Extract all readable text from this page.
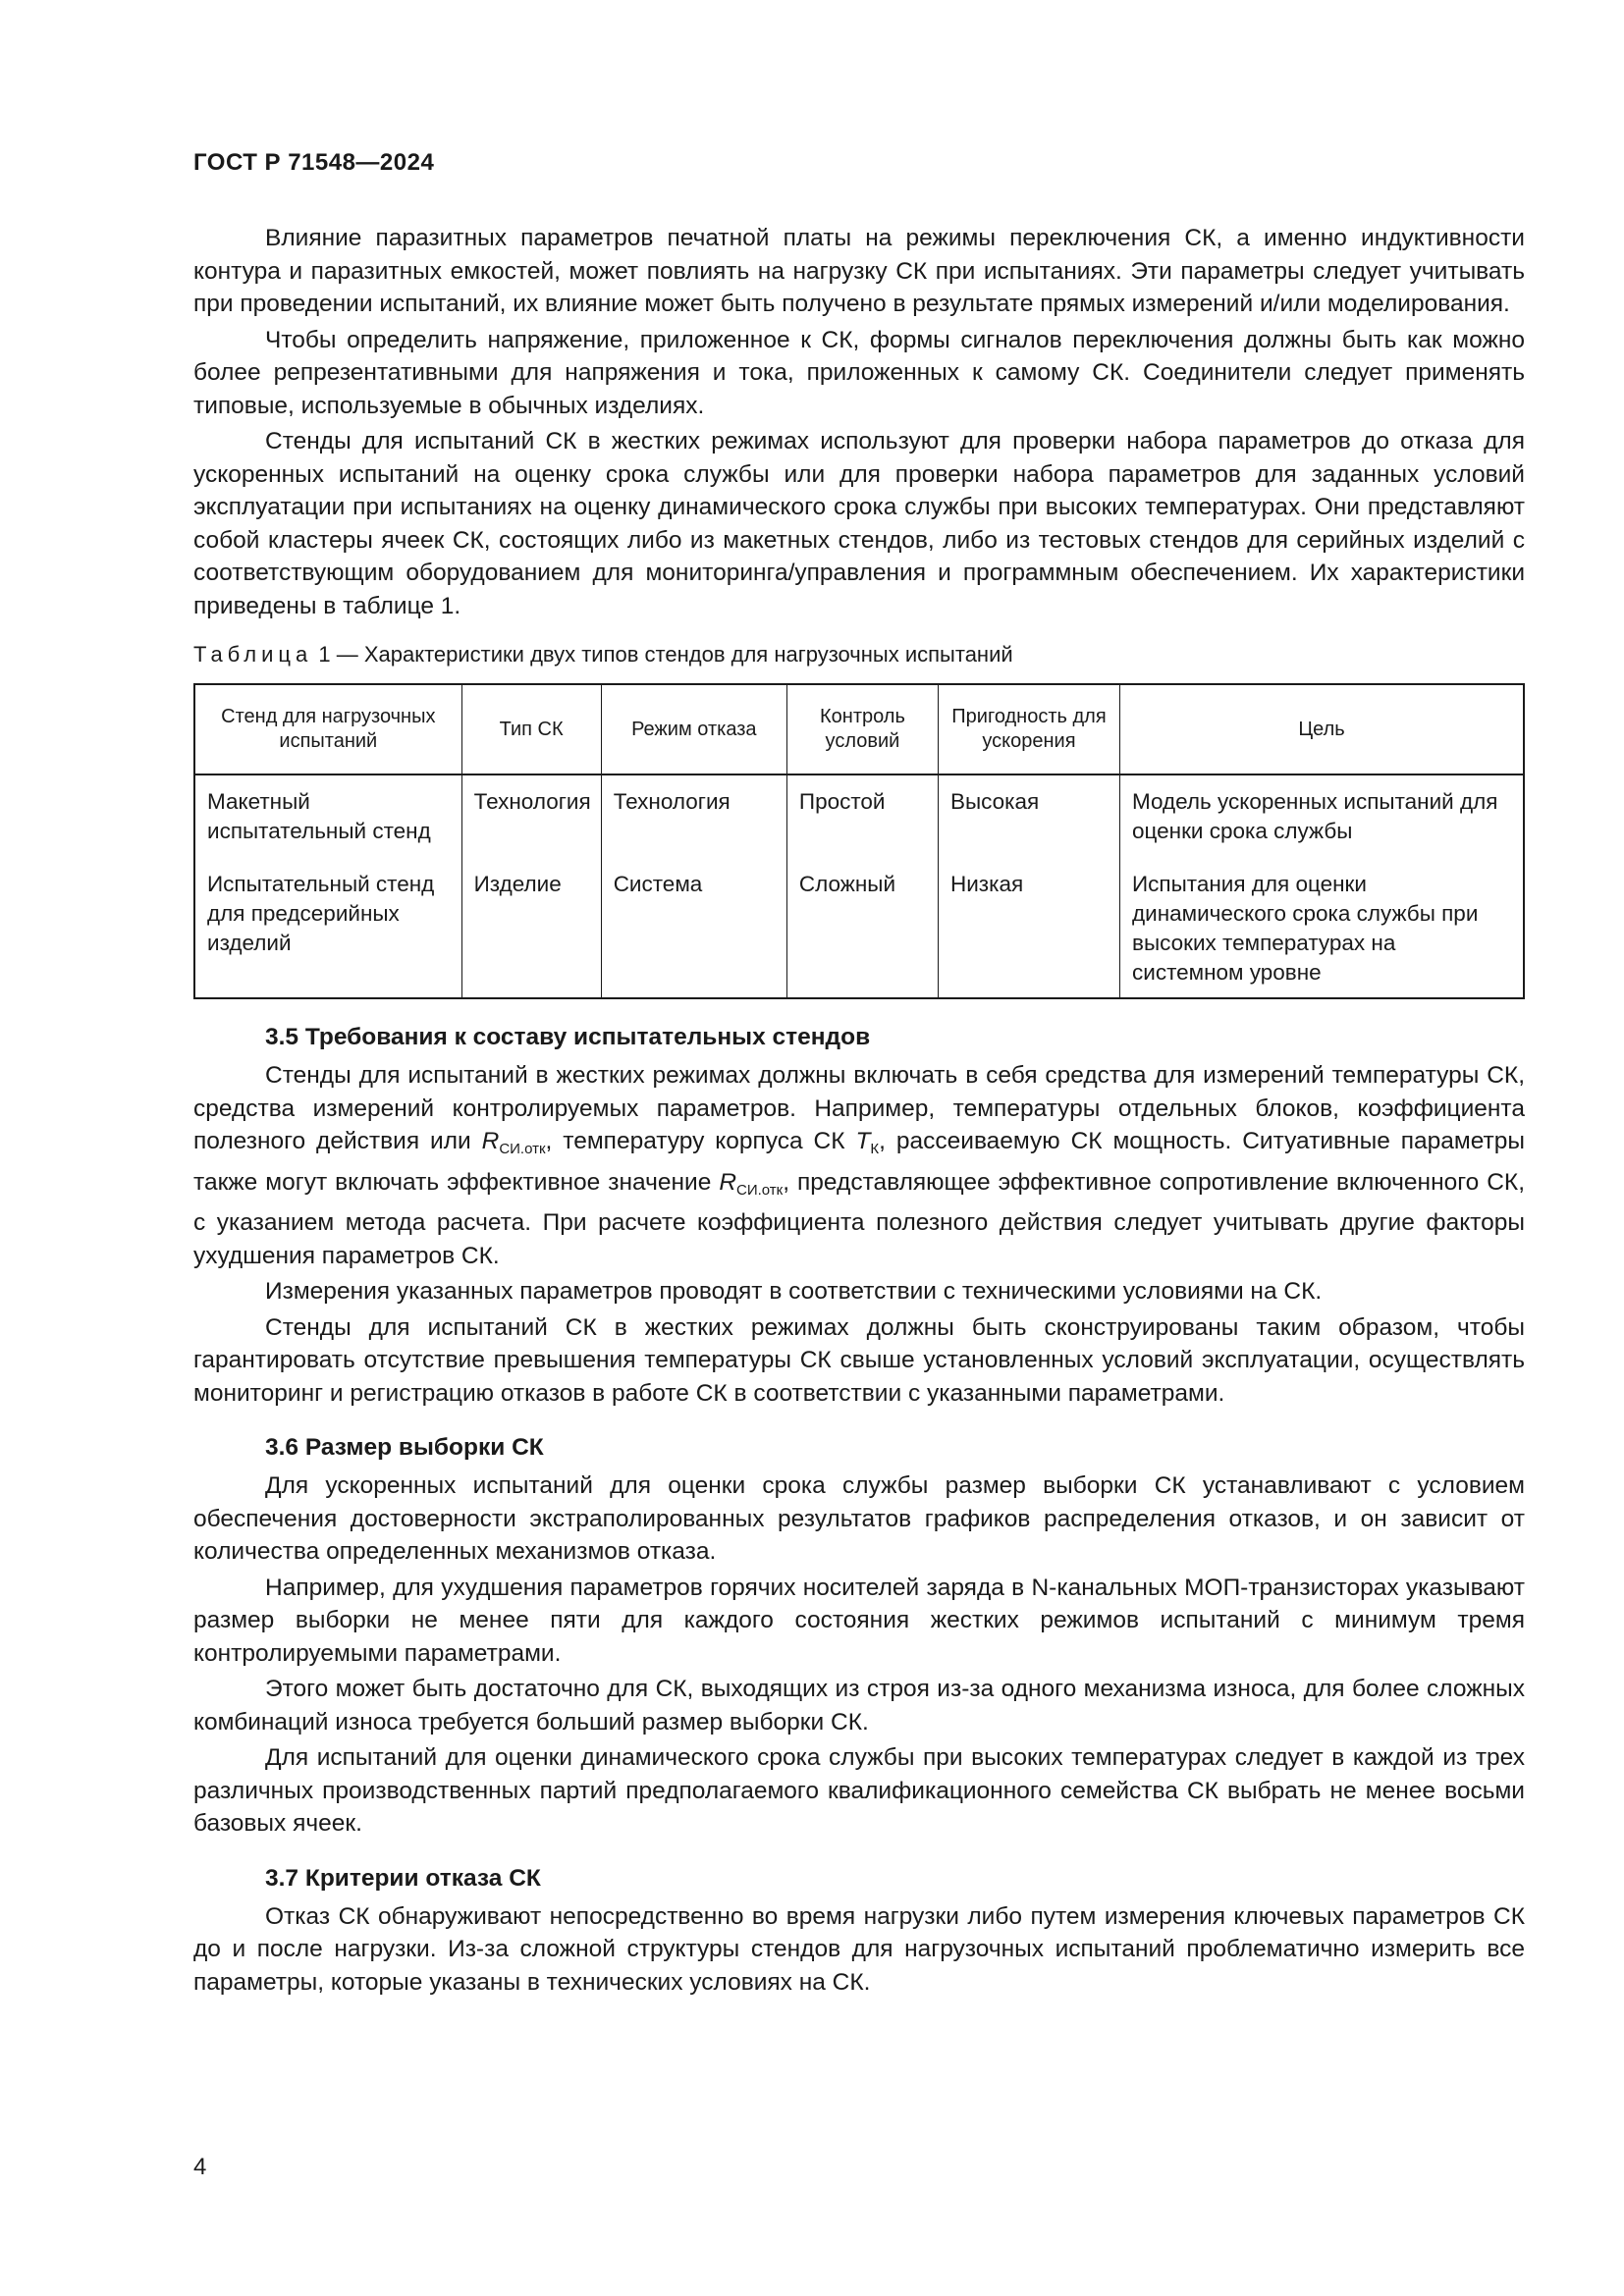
ГОСТ Р 71548—2024

Влияние паразитных параметров печатной платы на режимы переключения СК, а именно индуктивности контура и паразитных емкостей, может повлиять на нагрузку СК при испытаниях. Эти параметры следует учитывать при проведении испытаний, их влияние может быть получено в результате прямых измерений и/или моделирования.

Чтобы определить напряжение, приложенное к СК, формы сигналов переключения должны быть как можно более репрезентативными для напряжения и тока, приложенных к самому СК. Соединители следует применять типовые, используемые в обычных изделиях.

Стенды для испытаний СК в жестких режимах используют для проверки набора параметров до отказа для ускоренных испытаний на оценку срока службы или для проверки набора параметров для заданных условий эксплуатации при испытаниях на оценку динамического срока службы при высоких температурах. Они представляют собой кластеры ячеек СК, состоящих либо из макетных стендов, либо из тестовых стендов для серийных изделий с соответствующим оборудованием для мониторинга/управления и программным обеспечением. Их характеристики приведены в таблице 1.

Таблица 1 — Характеристики двух типов стендов для нагрузочных испытаний
Стенд для нагрузочных испытаний	Тип СК	Режим отказа	Контроль условий	Пригодность для ускорения	Цель
Макетный испытательный стенд	Технология	Технология	Простой	Высокая	Модель ускоренных испытаний для оценки срока службы
Испытательный стенд для предсерийных изделий	Изделие	Система	Сложный	Низкая	Испытания для оценки динамического срока службы при высоких температурах на системном уровне
3.5 Требования к составу испытательных стендов

Стенды для испытаний в жестких режимах должны включать в себя средства для измерений температуры СК, средства измерений контролируемых параметров. Например, температуры отдельных блоков, коэффициента полезного действия или $R_{СИ.отк}$, температуру корпуса СК $T_К$, рассеиваемую СК мощность. Ситуативные параметры также могут включать эффективное значение $R_{СИ.отк}$, представляющее эффективное сопротивление включенного СК, с указанием метода расчета. При расчете коэффициента полезного действия следует учитывать другие факторы ухудшения параметров СК.

Измерения указанных параметров проводят в соответствии с техническими условиями на СК.

Стенды для испытаний СК в жестких режимах должны быть сконструированы таким образом, чтобы гарантировать отсутствие превышения температуры СК свыше установленных условий эксплуатации, осуществлять мониторинг и регистрацию отказов в работе СК в соответствии с указанными параметрами.

3.6 Размер выборки СК

Для ускоренных испытаний для оценки срока службы размер выборки СК устанавливают с условием обеспечения достоверности экстраполированных результатов графиков распределения отказов, и он зависит от количества определенных механизмов отказа.

Например, для ухудшения параметров горячих носителей заряда в N-канальных МОП-транзисторах указывают размер выборки не менее пяти для каждого состояния жестких режимов испытаний с минимум тремя контролируемыми параметрами.

Этого может быть достаточно для СК, выходящих из строя из-за одного механизма износа, для более сложных комбинаций износа требуется больший размер выборки СК.

Для испытаний для оценки динамического срока службы при высоких температурах следует в каждой из трех различных производственных партий предполагаемого квалификационного семейства СК выбрать не менее восьми базовых ячеек.

3.7 Критерии отказа СК

Отказ СК обнаруживают непосредственно во время нагрузки либо путем измерения ключевых параметров СК до и после нагрузки. Из-за сложной структуры стендов для нагрузочных испытаний проблематично измерить все параметры, которые указаны в технических условиях на СК.

4
